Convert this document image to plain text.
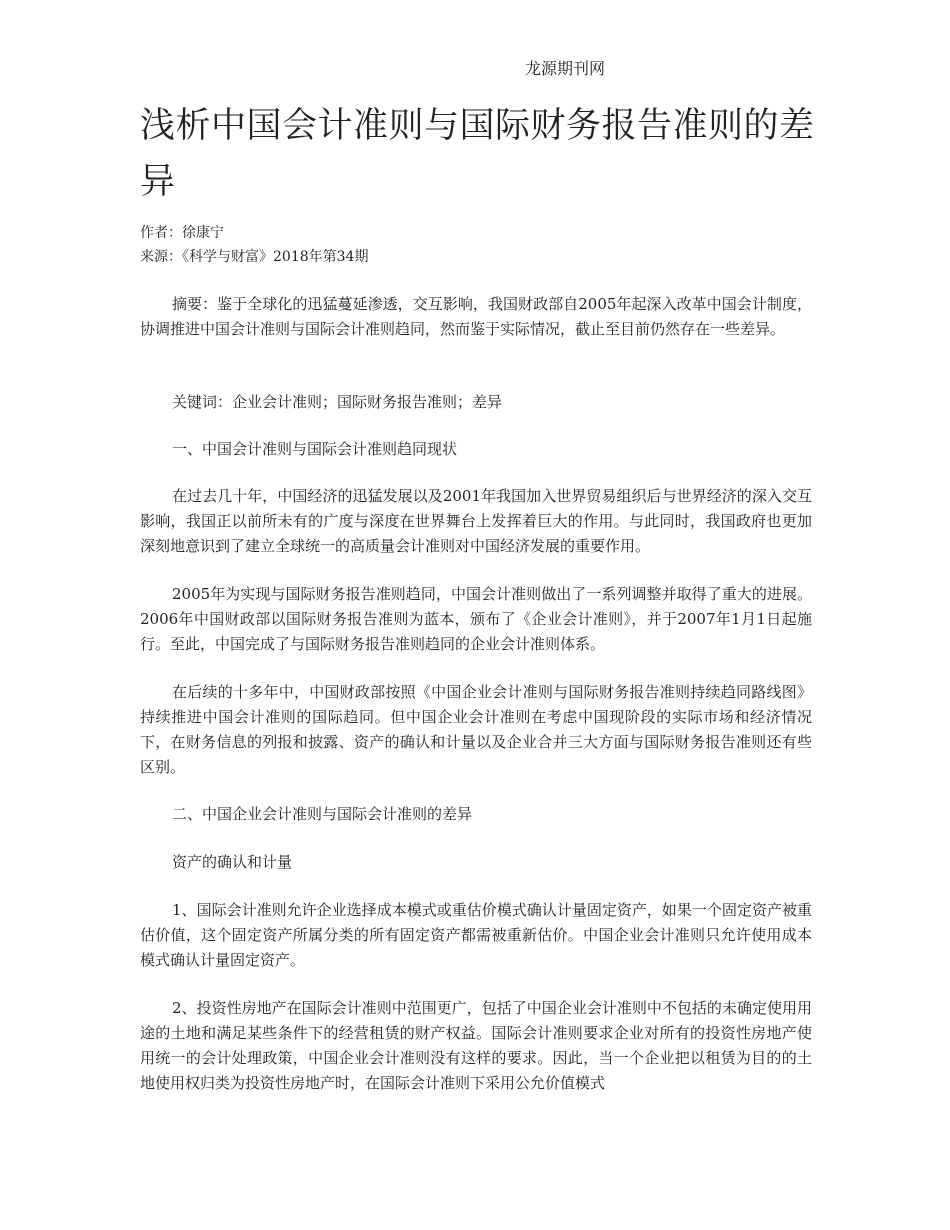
龙源期刊网
浅析中国会计准则与国际财务报告准则的差异
作者：徐康宁
来源：《科学与财富》2018年第34期

摘要：鉴于全球化的迅猛蔓延渗透，交互影响，我国财政部自2005年起深入改革中国会计制度，协调推进中国会计准则与国际会计准则趋同，然而鉴于实际情况，截止至目前仍然存在一些差异。

关键词：企业会计准则；国际财务报告准则；差异

一、中国会计准则与国际会计准则趋同现状

在过去几十年，中国经济的迅猛发展以及2001年我国加入世界贸易组织后与世界经济的深入交互影响，我国正以前所未有的广度与深度在世界舞台上发挥着巨大的作用。与此同时，我国政府也更加深刻地意识到了建立全球统一的高质量会计准则对中国经济发展的重要作用。

2005年为实现与国际财务报告准则趋同，中国会计准则做出了一系列调整并取得了重大的进展。2006年中国财政部以国际财务报告准则为蓝本，颁布了《企业会计准则》，并于2007年1月1日起施行。至此，中国完成了与国际财务报告准则趋同的企业会计准则体系。

在后续的十多年中，中国财政部按照《中国企业会计准则与国际财务报告准则持续趋同路线图》持续推进中国会计准则的国际趋同。但中国企业会计准则在考虑中国现阶段的实际市场和经济情况下，在财务信息的列报和披露、资产的确认和计量以及企业合并三大方面与国际财务报告准则还有些区别。

二、中国企业会计准则与国际会计准则的差异

资产的确认和计量

1、国际会计准则允许企业选择成本模式或重估价模式确认计量固定资产，如果一个固定资产被重估价值，这个固定资产所属分类的所有固定资产都需被重新估价。中国企业会计准则只允许使用成本模式确认计量固定资产。

2、投资性房地产在国际会计准则中范围更广，包括了中国企业会计准则中不包括的未确定使用用途的土地和满足某些条件下的经营租赁的财产权益。国际会计准则要求企业对所有的投资性房地产使用统一的会计处理政策，中国企业会计准则没有这样的要求。因此，当一个企业把以租赁为目的的土地使用权归类为投资性房地产时，在国际会计准则下采用公允价值模式
